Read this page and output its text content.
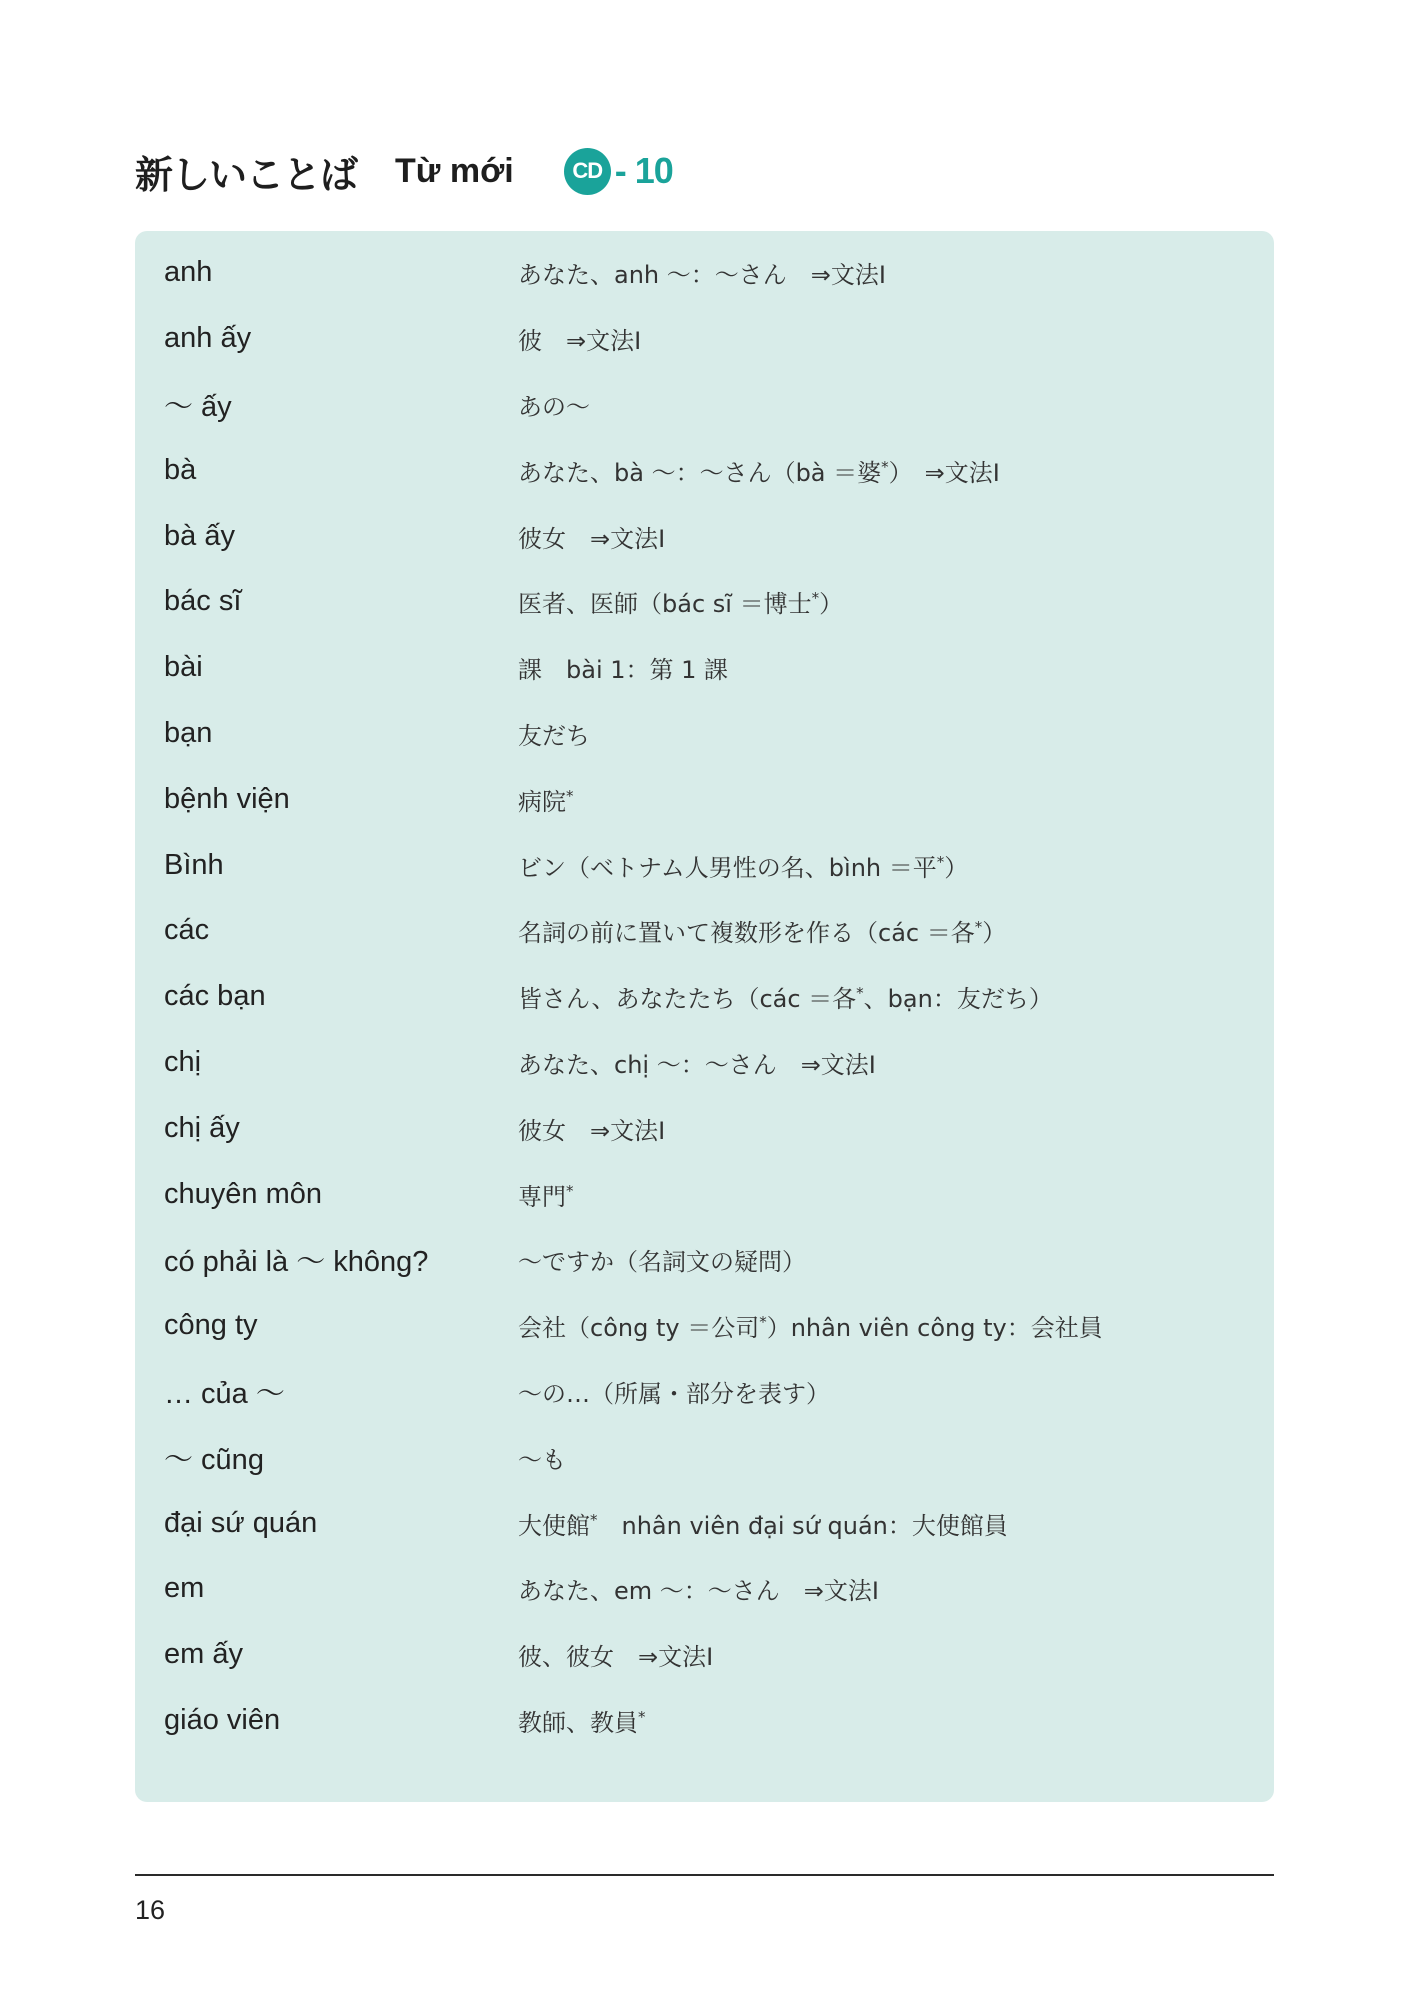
新しいことば Từ mới	CD - 10
anh	あなた、anh ～：～さん　⇒文法Ⅰ
anh ấy	彼　⇒文法Ⅰ
～ ấy	あの～
bà	あなた、bà ～：～さん（bà ＝婆*）　⇒文法Ⅰ
bà ấy	彼女　⇒文法Ⅰ
bác sĩ	医者、医師（bác sĩ ＝博士*）
bài	課　bài 1：第 1 課
bạn	友だち
bệnh viện	病院*
Bình	ビン（ベトナム人男性の名、bình ＝平*）
các	名詞の前に置いて複数形を作る（các ＝各*）
các bạn	皆さん、あなたたち（các ＝各*、bạn：友だち）
chị	あなた、chị ～：～さん　⇒文法Ⅰ
chị ấy	彼女　⇒文法Ⅰ
chuyên môn	専門*
có phải là ～ không?	～ですか（名詞文の疑問）
công ty	会社（công ty ＝公司*）nhân viên công ty：会社員
… của ～	～の…（所属・部分を表す）
～ cũng	～も
đại sứ quán	大使館*　nhân viên đại sứ quán：大使館員
em	あなた、em ～：～さん　⇒文法Ⅰ
em ấy	彼、彼女　⇒文法Ⅰ
giáo viên	教師、教員*
16
